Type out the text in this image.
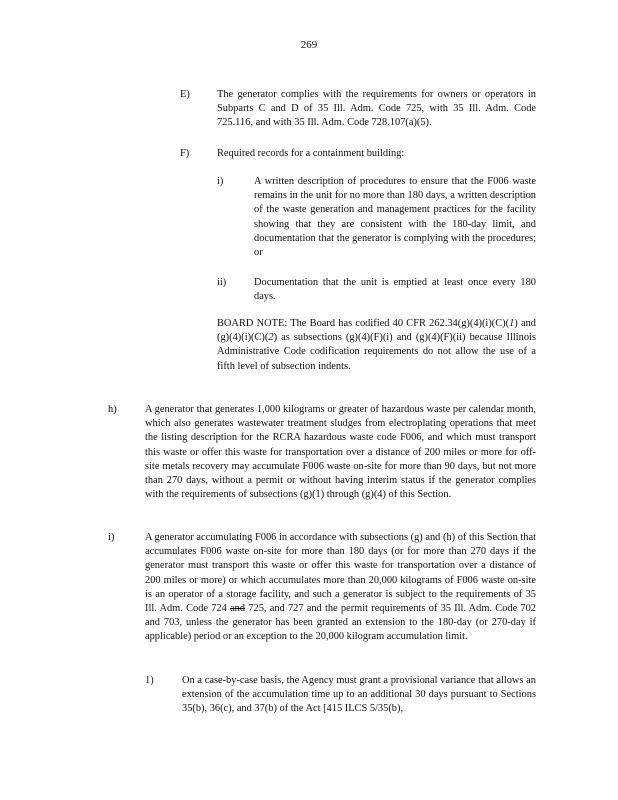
269
E)	The generator complies with the requirements for owners or operators in Subparts C and D of 35 Ill. Adm. Code 725, with 35 Ill. Adm. Code 725.116, and with 35 Ill. Adm. Code 728.107(a)(5).
F)	Required records for a containment building:
i)	A written description of procedures to ensure that the F006 waste remains in the unit for no more than 180 days, a written description of the waste generation and management practices for the facility showing that they are consistent with the 180-day limit, and documentation that the generator is complying with the procedures; or
ii)	Documentation that the unit is emptied at least once every 180 days.
BOARD NOTE: The Board has codified 40 CFR 262.34(g)(4)(i)(C)(1) and (g)(4)(i)(C)(2) as subsections (g)(4)(F)(i) and (g)(4)(F)(ii) because Illinois Administrative Code codification requirements do not allow the use of a fifth level of subsection indents.
h)	A generator that generates 1,000 kilograms or greater of hazardous waste per calendar month, which also generates wastewater treatment sludges from electroplating operations that meet the listing description for the RCRA hazardous waste code F006, and which must transport this waste or offer this waste for transportation over a distance of 200 miles or more for off-site metals recovery may accumulate F006 waste on-site for more than 90 days, but not more than 270 days, without a permit or without having interim status if the generator complies with the requirements of subsections (g)(1) through (g)(4) of this Section.
i)	A generator accumulating F006 in accordance with subsections (g) and (h) of this Section that accumulates F006 waste on-site for more than 180 days (or for more than 270 days if the generator must transport this waste or offer this waste for transportation over a distance of 200 miles or more) or which accumulates more than 20,000 kilograms of F006 waste on-site is an operator of a storage facility, and such a generator is subject to the requirements of 35 Ill. Adm. Code 724 and 725, and 727 and the permit requirements of 35 Ill. Adm. Code 702 and 703, unless the generator has been granted an extension to the 180-day (or 270-day if applicable) period or an exception to the 20,000 kilogram accumulation limit.
1)	On a case-by-case basis, the Agency must grant a provisional variance that allows an extension of the accumulation time up to an additional 30 days pursuant to Sections 35(b), 36(c), and 37(b) of the Act [415 ILCS 5/35(b),
